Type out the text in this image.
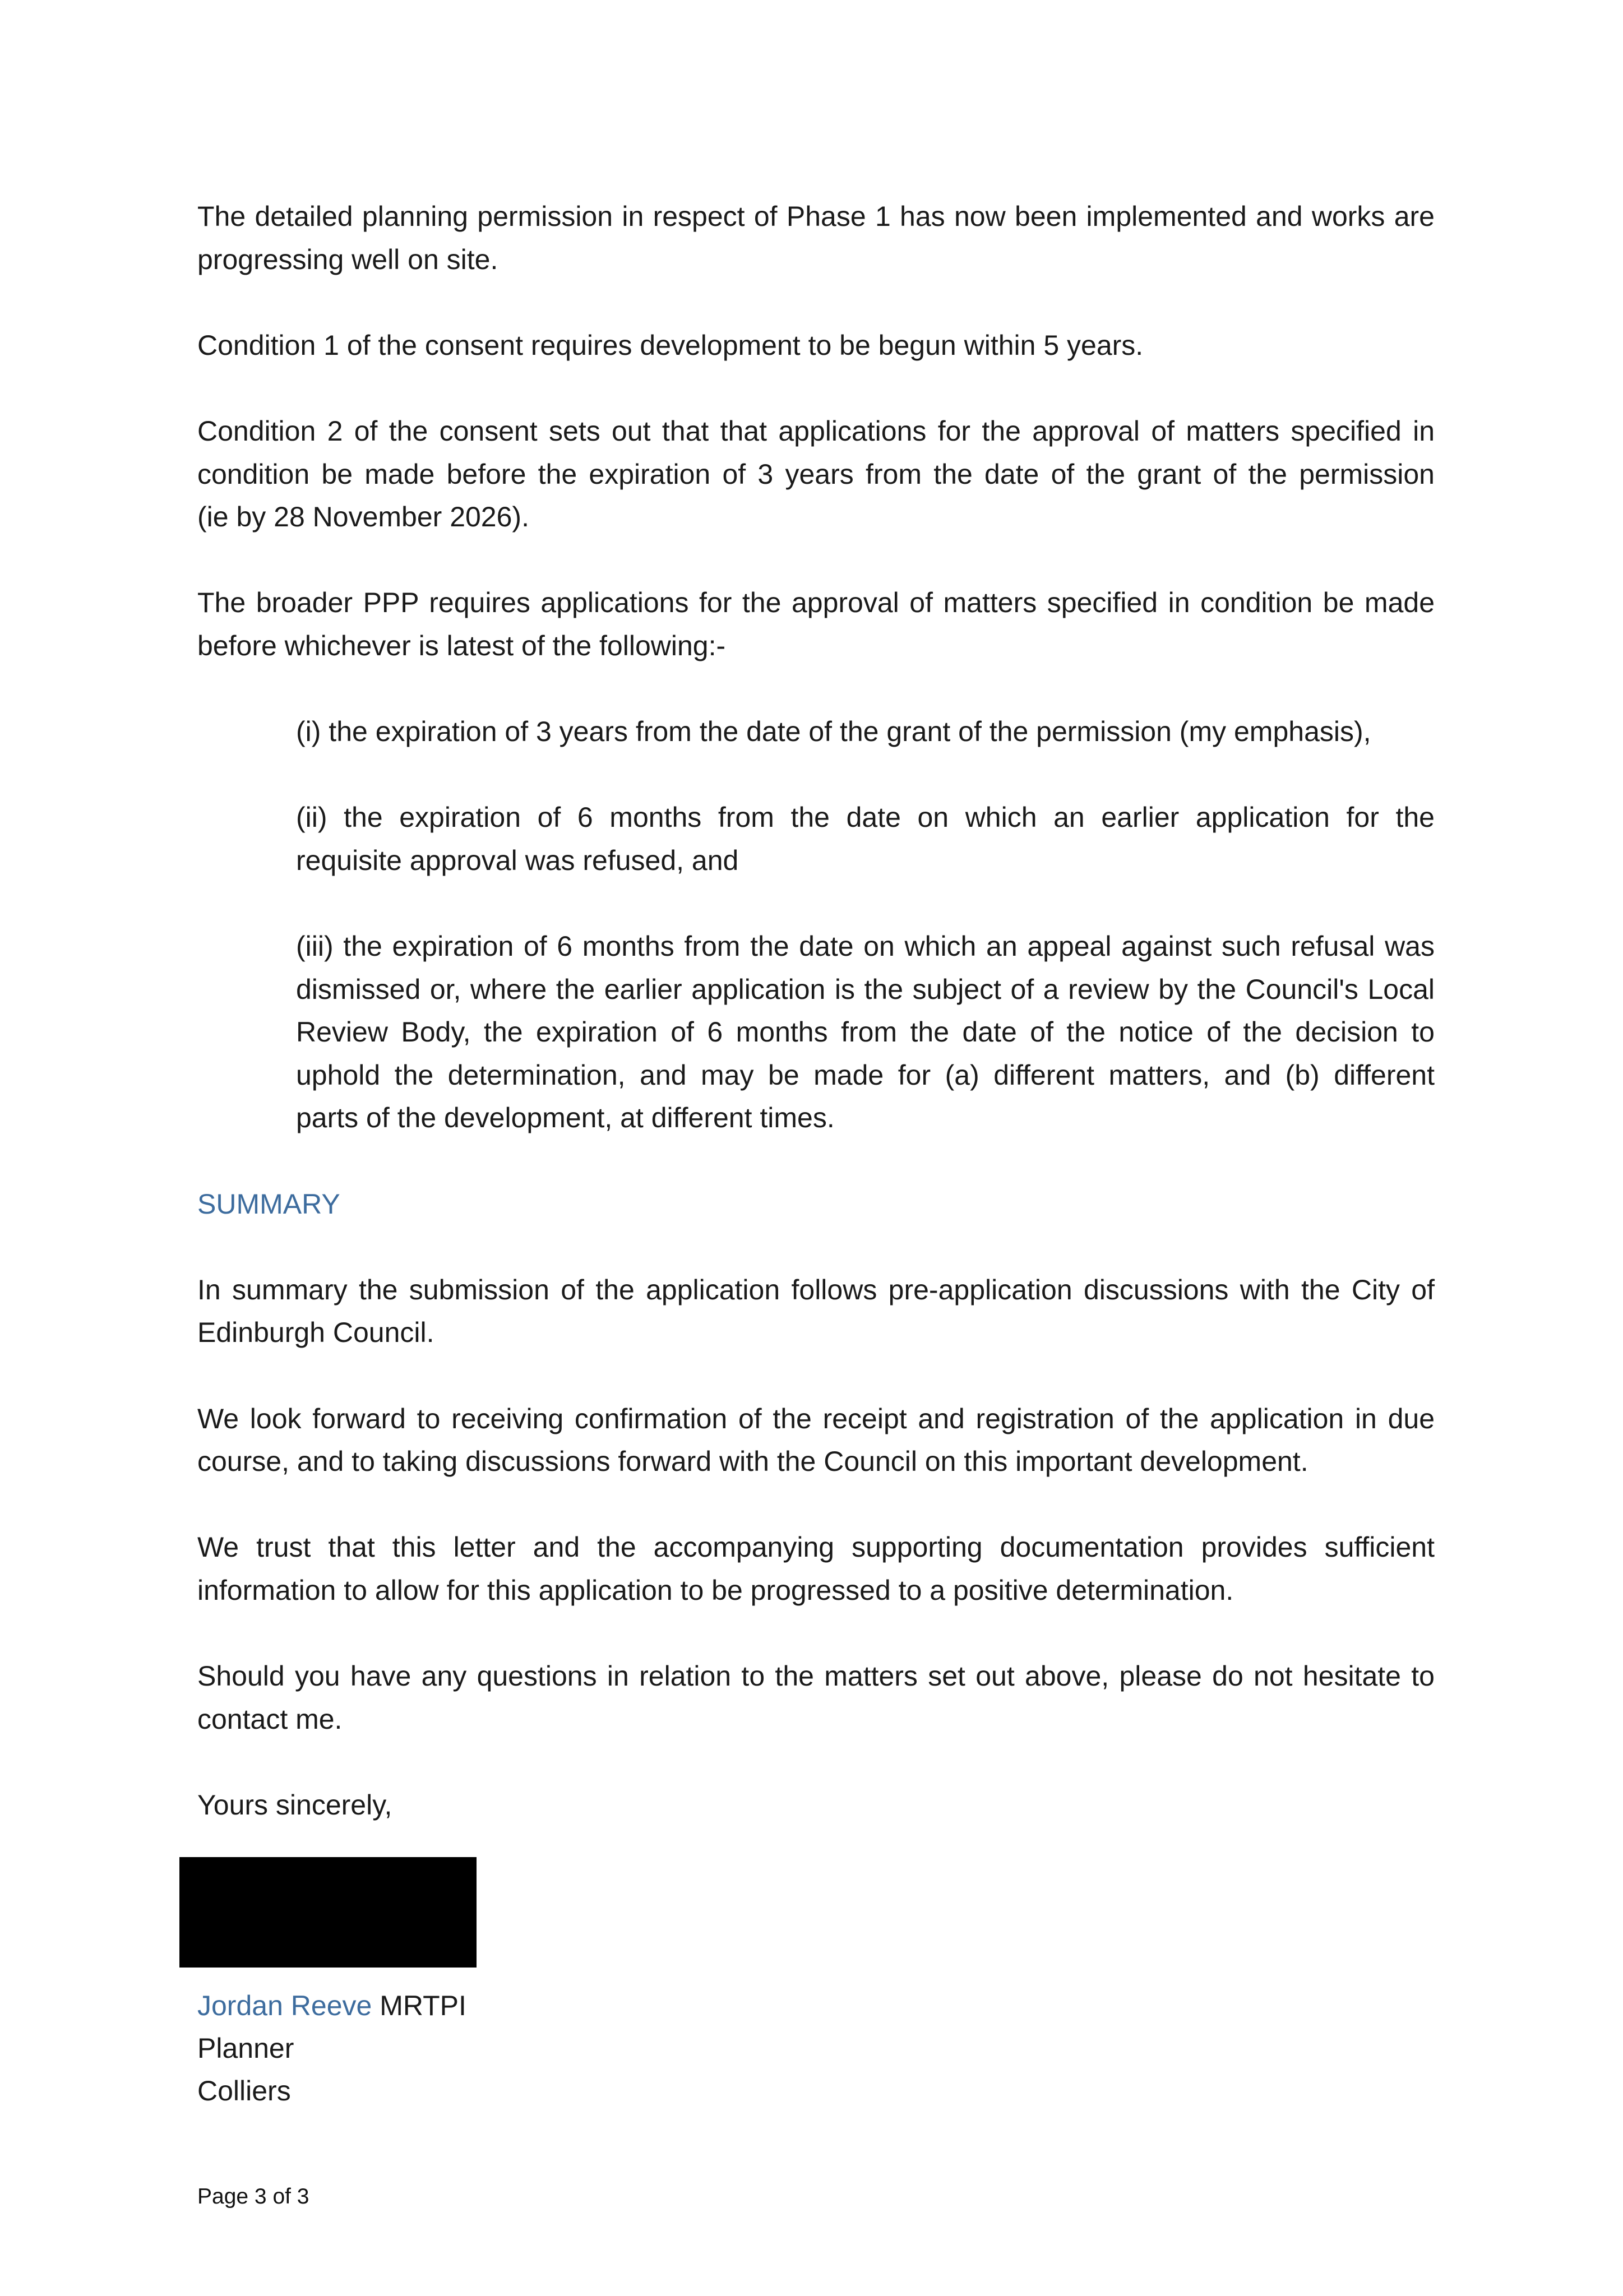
The detailed planning permission in respect of Phase 1 has now been implemented and works are
progressing well on site.
Condition 1 of the consent requires development to be begun within 5 years.
Condition 2 of the consent sets out that that applications for the approval of matters specified in
condition be made before the expiration of 3 years from the date of the grant of the permission
(ie by 28 November 2026).
The broader PPP requires applications for the approval of matters specified in condition be made
before whichever is latest of the following:-
(i) the expiration of 3 years from the date of the grant of the permission (my emphasis),
(ii) the expiration of 6 months from the date on which an earlier application for the
requisite approval was refused, and
(iii) the expiration of 6 months from the date on which an appeal against such refusal was
dismissed or, where the earlier application is the subject of a review by the Council's Local
Review Body, the expiration of 6 months from the date of the notice of the decision to
uphold the determination, and may be made for (a) different matters, and (b) different
parts of the development, at different times.
SUMMARY
In summary the submission of the application follows pre-application discussions with the City of
Edinburgh Council.
We look forward to receiving confirmation of the receipt and registration of the application in due
course, and to taking discussions forward with the Council on this important development.
We trust that this letter and the accompanying supporting documentation provides sufficient
information to allow for this application to be progressed to a positive determination.
Should you have any questions in relation to the matters set out above, please do not hesitate to
contact me.
Yours sincerely,
Jordan Reeve MRTPI
Planner
Colliers
Page 3 of 3
